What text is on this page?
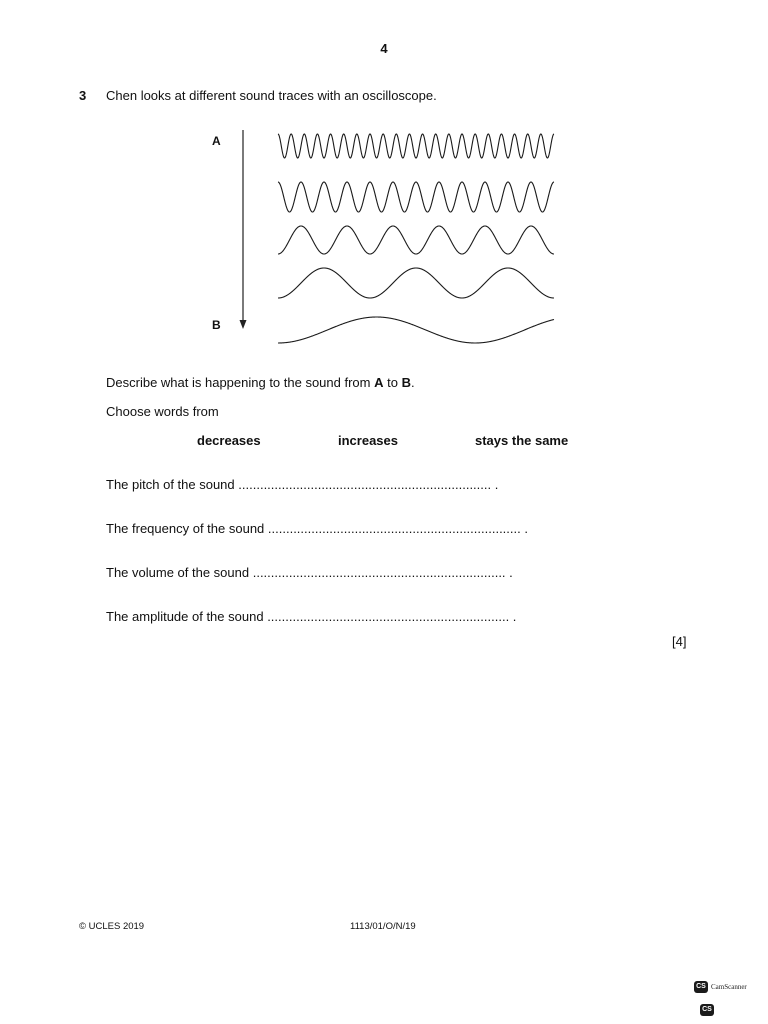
4
3 Chen looks at different sound traces with an oscilloscope.
A
B
Describe what is happening to the sound from A to B.
Choose words from
decreases	increases	stays the same
The pitch of the sound ...................................................................... .
The frequency of the sound ...................................................................... .
The volume of the sound ...................................................................... .
The amplitude of the sound ................................................................... .
[4]
© UCLES 2019	1113/01/O/N/19
CS CamScanner
CS
